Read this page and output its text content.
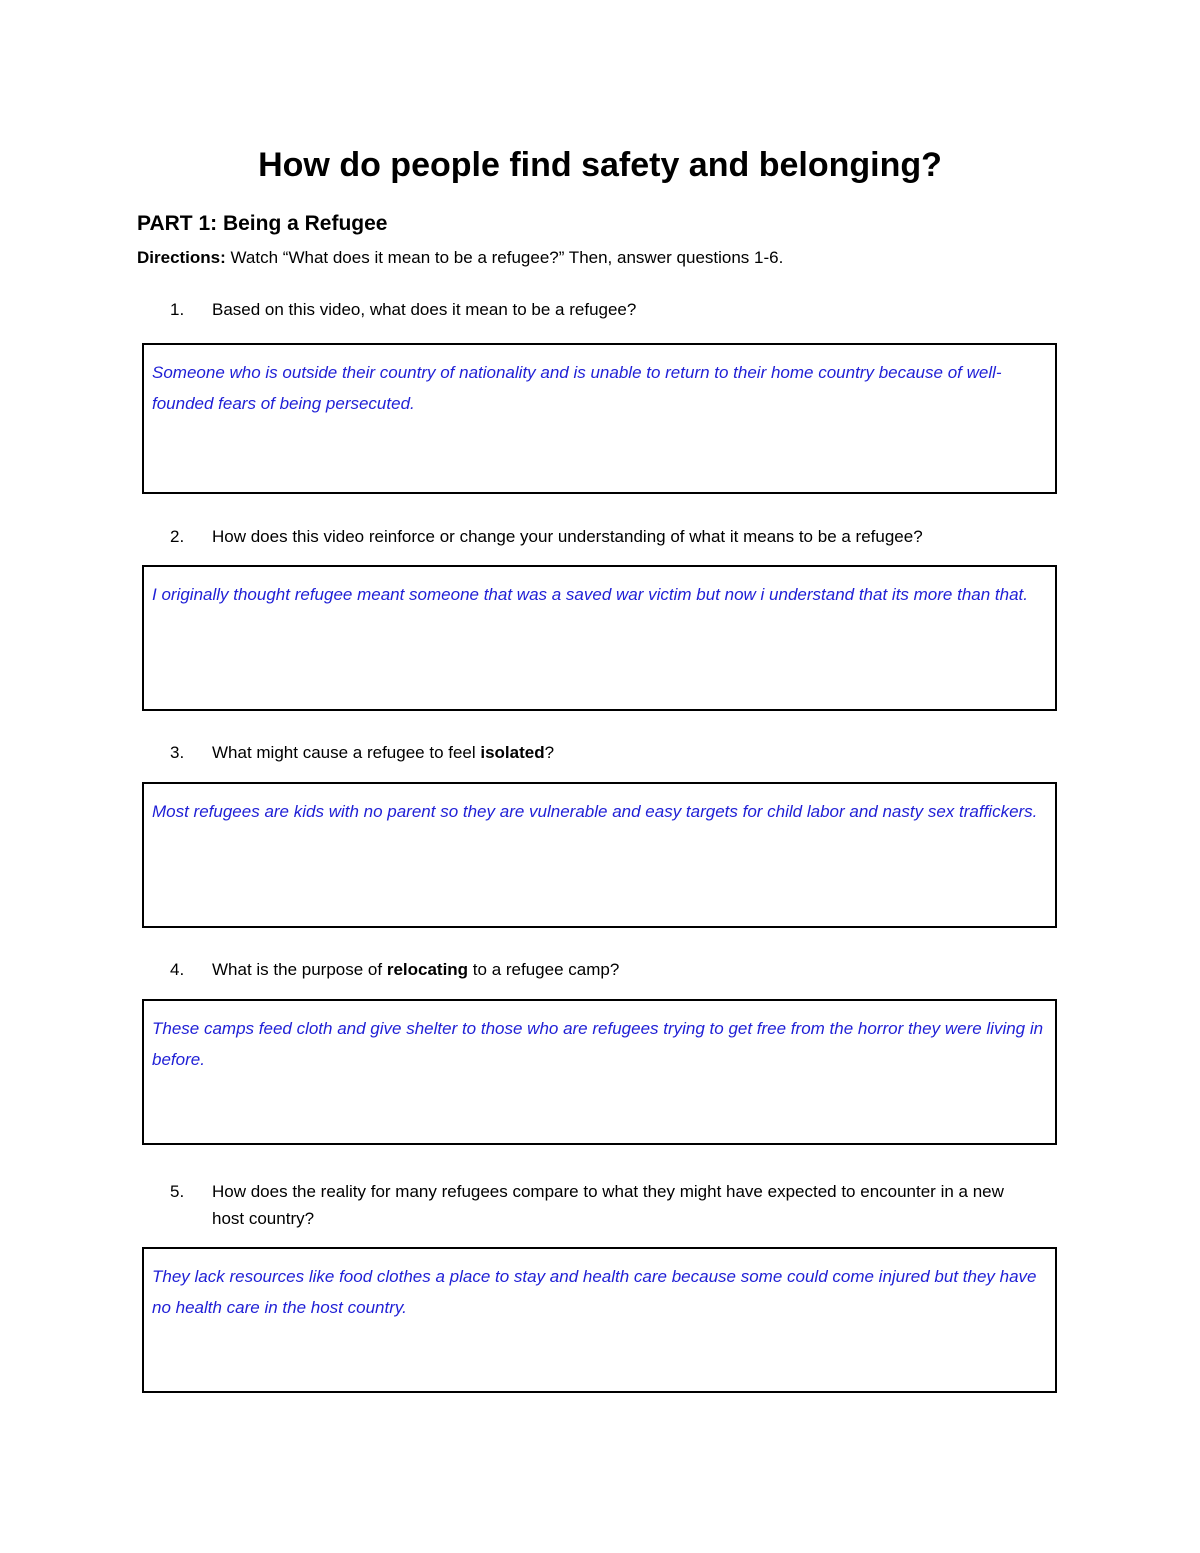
How do people find safety and belonging?
PART 1: Being a Refugee

Directions: Watch “What does it mean to be a refugee?” Then, answer questions 1-6.

1. Based on this video, what does it mean to be a refugee?

Someone who is outside their country of nationality and is unable to return to their home country because of well-founded fears of being persecuted.

2. How does this video reinforce or change your understanding of what it means to be a refugee?

I originally thought refugee meant someone that was a saved war victim but now i understand that its more than that.

3. What might cause a refugee to feel isolated?

Most refugees are kids with no parent so they are vulnerable and easy targets for child labor and nasty sex traffickers.

4. What is the purpose of relocating to a refugee camp?

These camps feed cloth and give shelter to those who are refugees trying to get free from the horror they were living in before.

5. How does the reality for many refugees compare to what they might have expected to encounter in a new host country?

They lack resources like food clothes a place to stay and health care because some could come injured but they have no health care in the host country.
